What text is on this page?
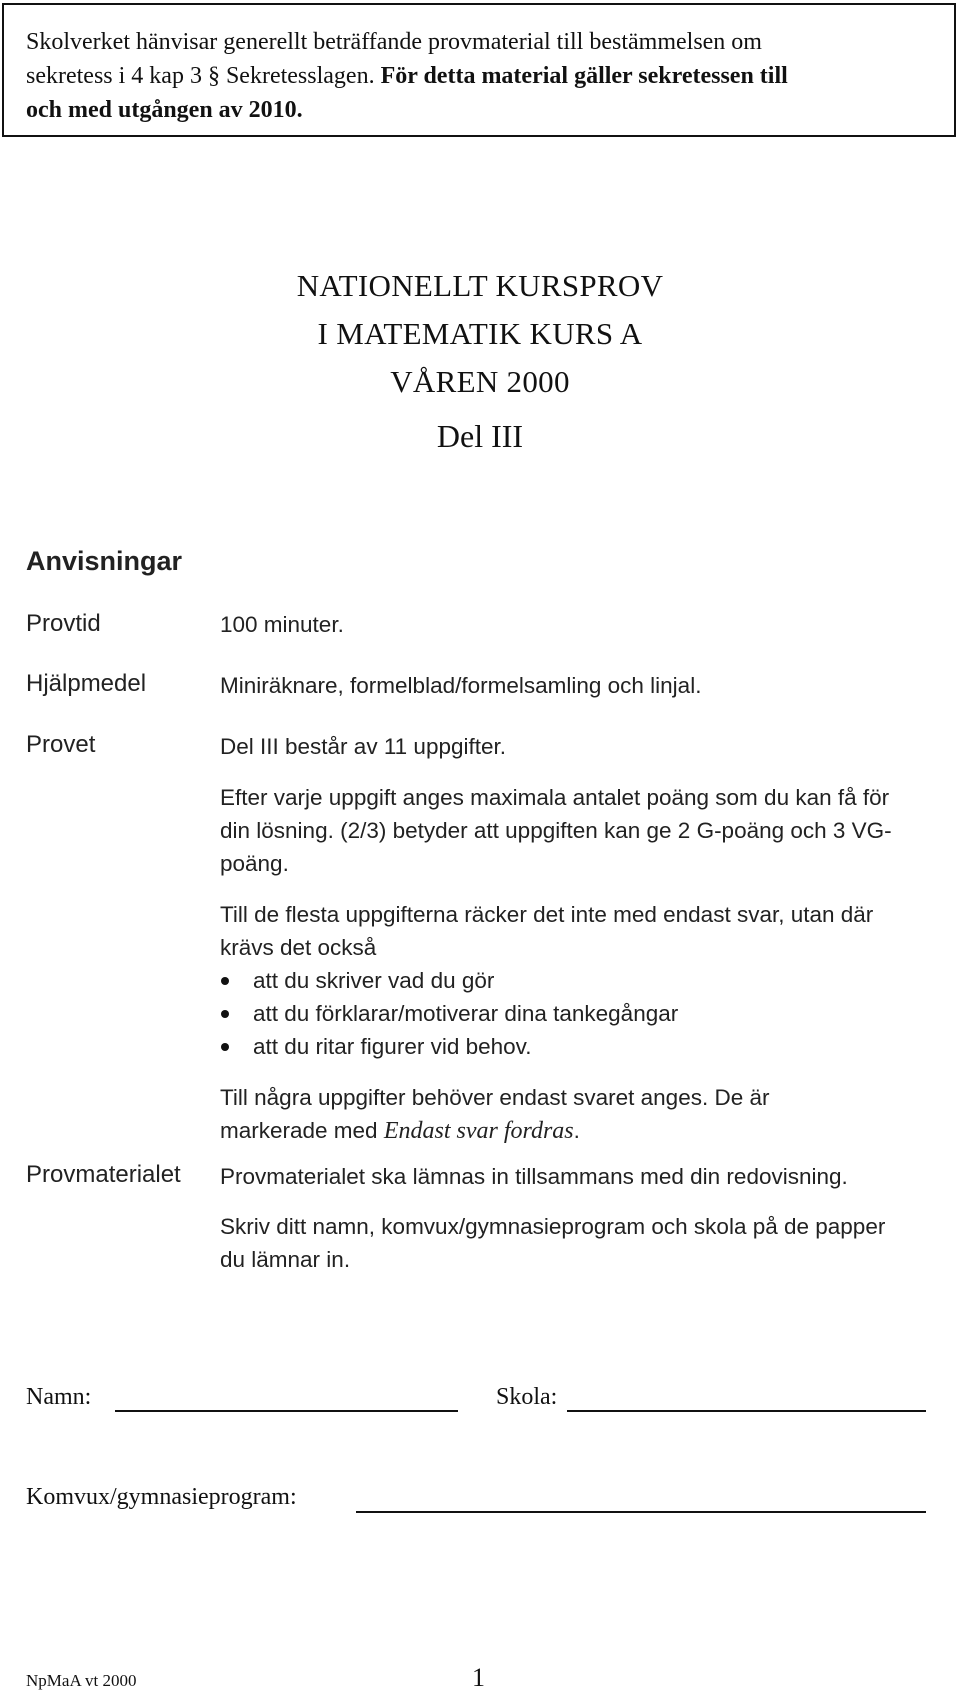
Skolverket hänvisar generellt beträffande provmaterial till bestämmelsen om
sekretess i 4 kap 3 § Sekretesslagen. För detta material gäller sekretessen till
och med utgången av 2010.
NATIONELLT KURSPROV
I MATEMATIK KURS A
VÅREN 2000
Del III
Anvisningar
Provtid	100 minuter.
Hjälpmedel	Miniräknare, formelblad/formelsamling och linjal.
Provet	Del III består av 11 uppgifter.
Efter varje uppgift anges maximala antalet poäng som du kan få för din lösning. (2/3) betyder att uppgiften kan ge 2 G-poäng och 3 VG-poäng.
Till de flesta uppgifterna räcker det inte med endast svar, utan där krävs det också
att du skriver vad du gör
att du förklarar/motiverar dina tankegångar
att du ritar figurer vid behov.
Till några uppgifter behöver endast svaret anges. De är markerade med Endast svar fordras.
Provmaterialet Provmaterialet ska lämnas in tillsammans med din redovisning.
Skriv ditt namn, komvux/gymnasieprogram och skola på de papper du lämnar in.
Namn:	Skola:
Komvux/gymnasieprogram:
NpMaA vt 2000	1
